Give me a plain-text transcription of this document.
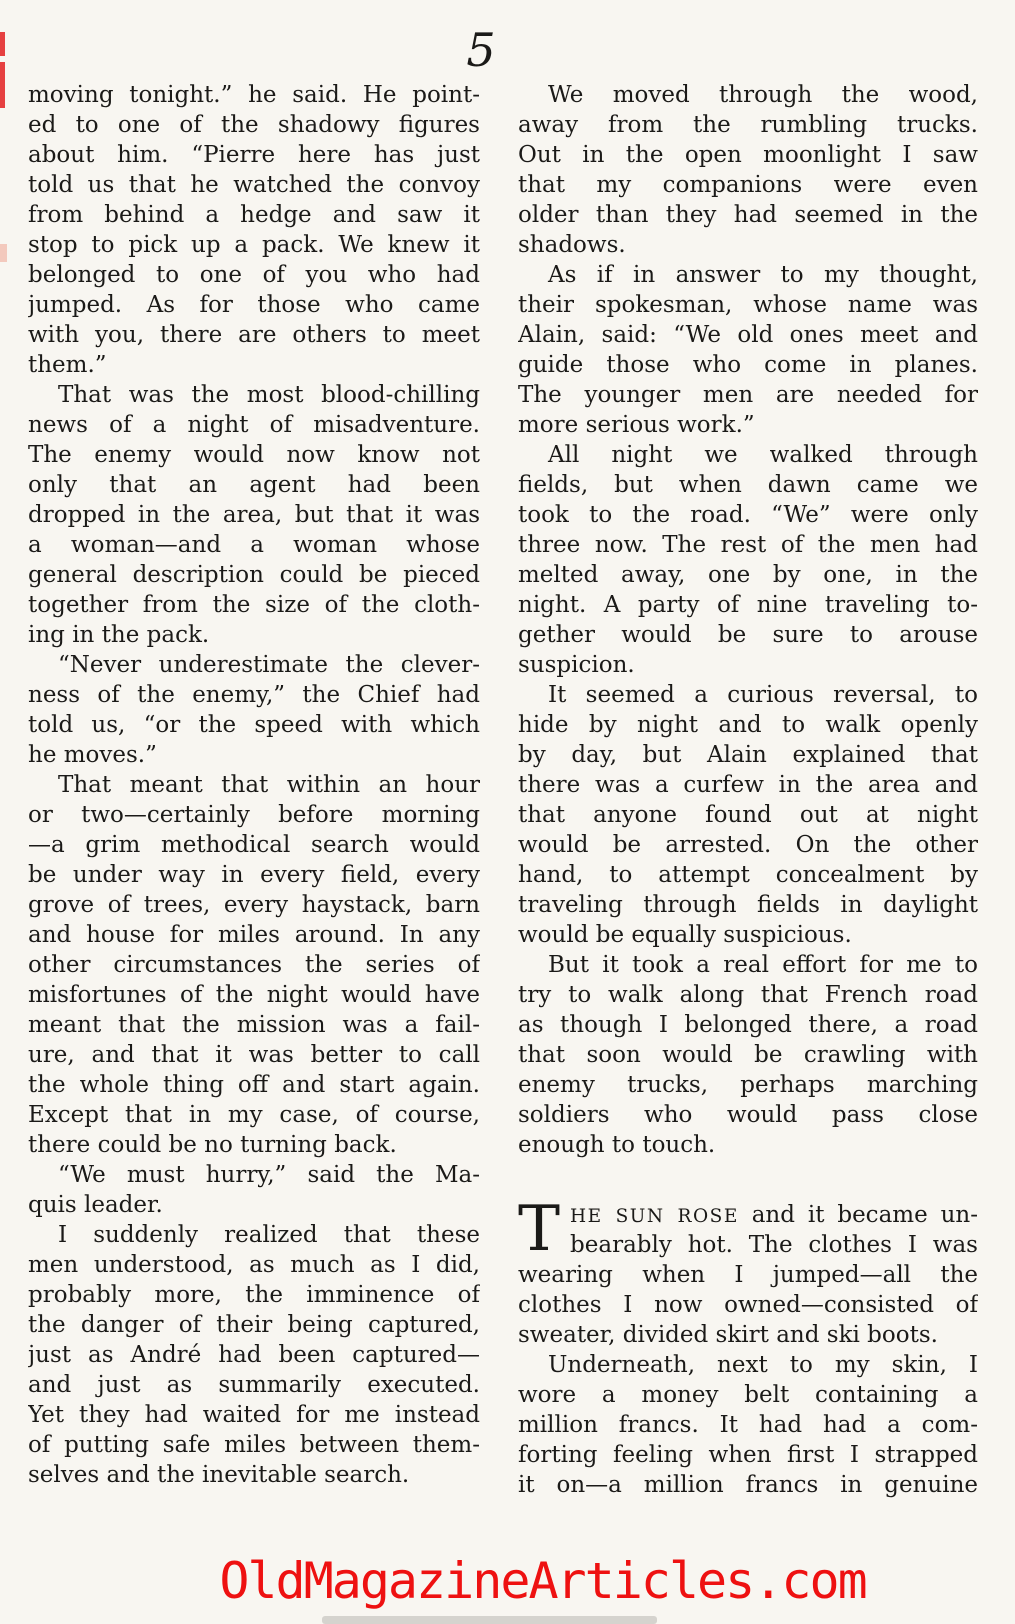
5
moving tonight.” he said. He point-
ed to one of the shadowy figures
about him. “Pierre here has just
told us that he watched the convoy
from behind a hedge and saw it
stop to pick up a pack. We knew it
belonged to one of you who had
jumped. As for those who came
with you, there are others to meet
them.”
That was the most blood-chilling
news of a night of misadventure.
The enemy would now know not
only that an agent had been
dropped in the area, but that it was
a woman—and a woman whose
general description could be pieced
together from the size of the cloth-
ing in the pack.
“Never underestimate the clever-
ness of the enemy,” the Chief had
told us, “or the speed with which
he moves.”
That meant that within an hour
or two—certainly before morning
—a grim methodical search would
be under way in every field, every
grove of trees, every haystack, barn
and house for miles around. In any
other circumstances the series of
misfortunes of the night would have
meant that the mission was a fail-
ure, and that it was better to call
the whole thing off and start again.
Except that in my case, of course,
there could be no turning back.
“We must hurry,” said the Ma-
quis leader.
I suddenly realized that these
men understood, as much as I did,
probably more, the imminence of
the danger of their being captured,
just as André had been captured—
and just as summarily executed.
Yet they had waited for me instead
of putting safe miles between them-
selves and the inevitable search.
We moved through the wood,
away from the rumbling trucks.
Out in the open moonlight I saw
that my companions were even
older than they had seemed in the
shadows.
As if in answer to my thought,
their spokesman, whose name was
Alain, said: “We old ones meet and
guide those who come in planes.
The younger men are needed for
more serious work.”
All night we walked through
fields, but when dawn came we
took to the road. “We” were only
three now. The rest of the men had
melted away, one by one, in the
night. A party of nine traveling to-
gether would be sure to arouse
suspicion.
It seemed a curious reversal, to
hide by night and to walk openly
by day, but Alain explained that
there was a curfew in the area and
that anyone found out at night
would be arrested. On the other
hand, to attempt concealment by
traveling through fields in daylight
would be equally suspicious.
But it took a real effort for me to
try to walk along that French road
as though I belonged there, a road
that soon would be crawling with
enemy trucks, perhaps marching
soldiers who would pass close
enough to touch.
T HE SUN ROSE and it became un-
bearably hot. The clothes I was
wearing when I jumped—all the
clothes I now owned—consisted of
sweater, divided skirt and ski boots.
Underneath, next to my skin, I
wore a money belt containing a
million francs. It had had a com-
forting feeling when first I strapped
it on—a million francs in genuine
OldMagazineArticles.com
